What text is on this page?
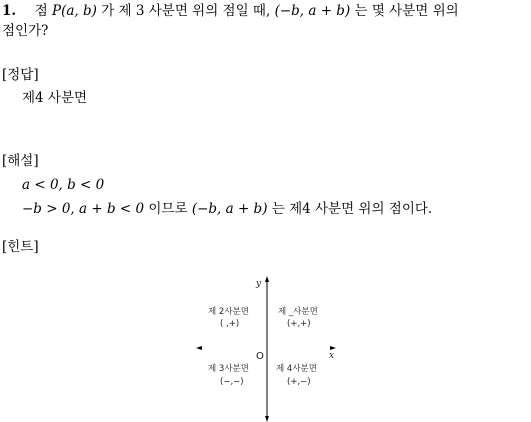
1. 점 P(a, b) 가 제 3 사분면 위의 점일 때, (−b, a + b) 는 몇 사분면 위의
점인가?
[정답]
제4 사분면
[해설]
a < 0, b < 0
−b > 0, a + b < 0 이므로 (−b, a + b) 는 제4 사분면 위의 점이다.
[힌트]
y
x
O
제 2사분면
( ,+)
제 _사분면
(+,+)
제 3사분면
(−,−)
제 4사분면
(+,−)
